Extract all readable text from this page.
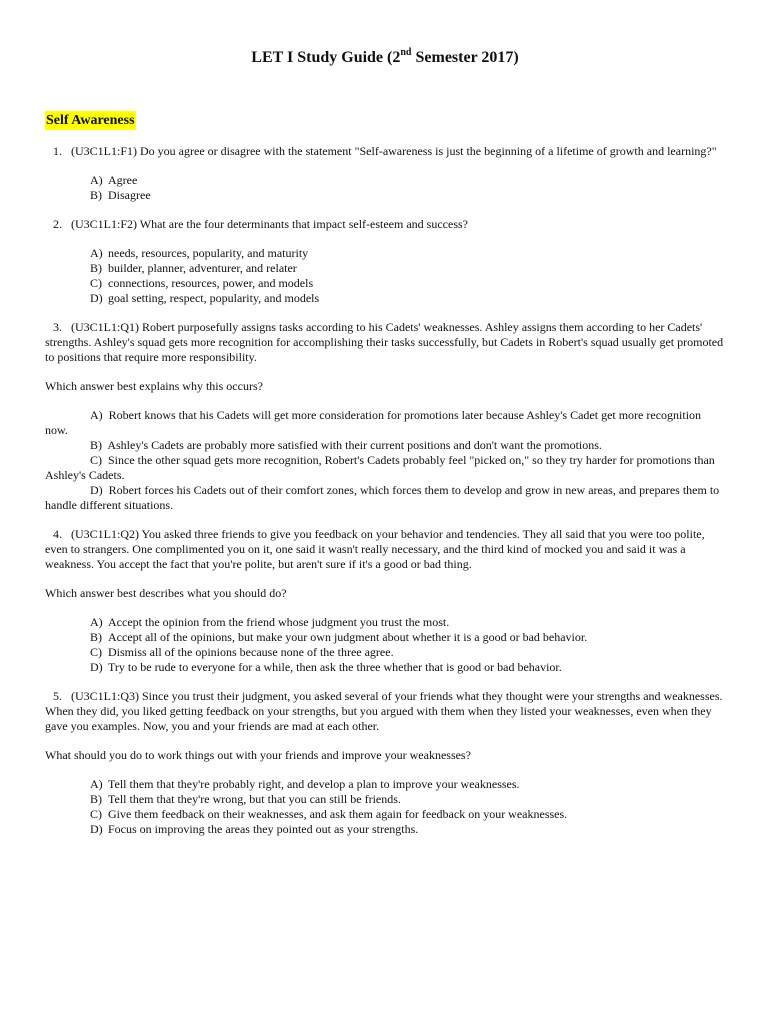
LET I Study Guide (2nd Semester 2017)
Self Awareness

1. (U3C1L1:F1) Do you agree or disagree with the statement "Self-awareness is just the beginning of a lifetime of growth and learning?"

A) Agree
B) Disagree

2. (U3C1L1:F2) What are the four determinants that impact self-esteem and success?

A) needs, resources, popularity, and maturity
B) builder, planner, adventurer, and relater
C) connections, resources, power, and models
D) goal setting, respect, popularity, and models

3. (U3C1L1:Q1) Robert purposefully assigns tasks according to his Cadets' weaknesses. Ashley assigns them according to her Cadets' strengths. Ashley's squad gets more recognition for accomplishing their tasks successfully, but Cadets in Robert's squad usually get promoted to positions that require more responsibility.

Which answer best explains why this occurs?

A) Robert knows that his Cadets will get more consideration for promotions later because Ashley's Cadet get more recognition now.

B) Ashley's Cadets are probably more satisfied with their current positions and don't want the promotions.

C) Since the other squad gets more recognition, Robert's Cadets probably feel "picked on," so they try harder for promotions than Ashley's Cadets.

D) Robert forces his Cadets out of their comfort zones, which forces them to develop and grow in new areas, and prepares them to handle different situations.

4. (U3C1L1:Q2) You asked three friends to give you feedback on your behavior and tendencies. They all said that you were too polite, even to strangers. One complimented you on it, one said it wasn't really necessary, and the third kind of mocked you and said it was a weakness. You accept the fact that you're polite, but aren't sure if it's a good or bad thing.

Which answer best describes what you should do?

A) Accept the opinion from the friend whose judgment you trust the most.
B) Accept all of the opinions, but make your own judgment about whether it is a good or bad behavior.
C) Dismiss all of the opinions because none of the three agree.
D) Try to be rude to everyone for a while, then ask the three whether that is good or bad behavior.

5. (U3C1L1:Q3) Since you trust their judgment, you asked several of your friends what they thought were your strengths and weaknesses. When they did, you liked getting feedback on your strengths, but you argued with them when they listed your weaknesses, even when they gave you examples. Now, you and your friends are mad at each other.

What should you do to work things out with your friends and improve your weaknesses?

A) Tell them that they're probably right, and develop a plan to improve your weaknesses.
B) Tell them that they're wrong, but that you can still be friends.
C) Give them feedback on their weaknesses, and ask them again for feedback on your weaknesses.
D) Focus on improving the areas they pointed out as your strengths.
